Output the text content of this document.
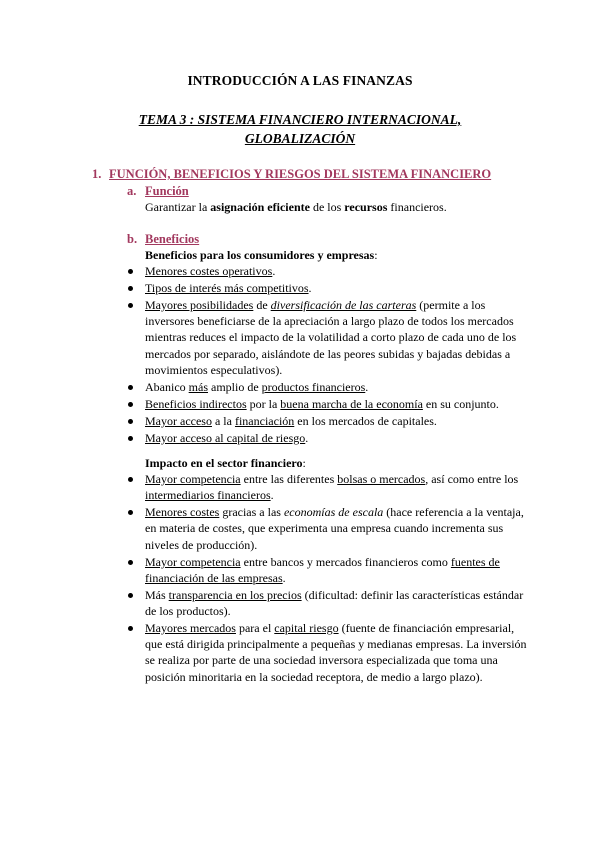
INTRODUCCIÓN A LAS FINANZAS
TEMA 3 : SISTEMA FINANCIERO INTERNACIONAL,
GLOBALIZACIÓN
1. FUNCIÓN, BENEFICIOS Y RIESGOS DEL SISTEMA FINANCIERO
a. Función
Garantizar la asignación eficiente de los recursos financieros.
b. Beneficios
Beneficios para los consumidores y empresas:
Menores costes operativos.
Tipos de interés más competitivos.
Mayores posibilidades de diversificación de las carteras (permite a los inversores beneficiarse de la apreciación a largo plazo de todos los mercados mientras reduces el impacto de la volatilidad a corto plazo de cada uno de los mercados por separado, aislándote de las peores subidas y bajadas debidas a movimientos especulativos).
Abanico más amplio de productos financieros.
Beneficios indirectos por la buena marcha de la economía en su conjunto.
Mayor acceso a la financiación en los mercados de capitales.
Mayor acceso al capital de riesgo.
Impacto en el sector financiero:
Mayor competencia entre las diferentes bolsas o mercados, así como entre los intermediarios financieros.
Menores costes gracias a las economías de escala (hace referencia a la ventaja, en materia de costes, que experimenta una empresa cuando incrementa sus niveles de producción).
Mayor competencia entre bancos y mercados financieros como fuentes de financiación de las empresas.
Más transparencia en los precios (dificultad: definir las características estándar de los productos).
Mayores mercados para el capital riesgo (fuente de financiación empresarial, que está dirigida principalmente a pequeñas y medianas empresas. La inversión se realiza por parte de una sociedad inversora especializada que toma una posición minoritaria en la sociedad receptora, de medio a largo plazo).
